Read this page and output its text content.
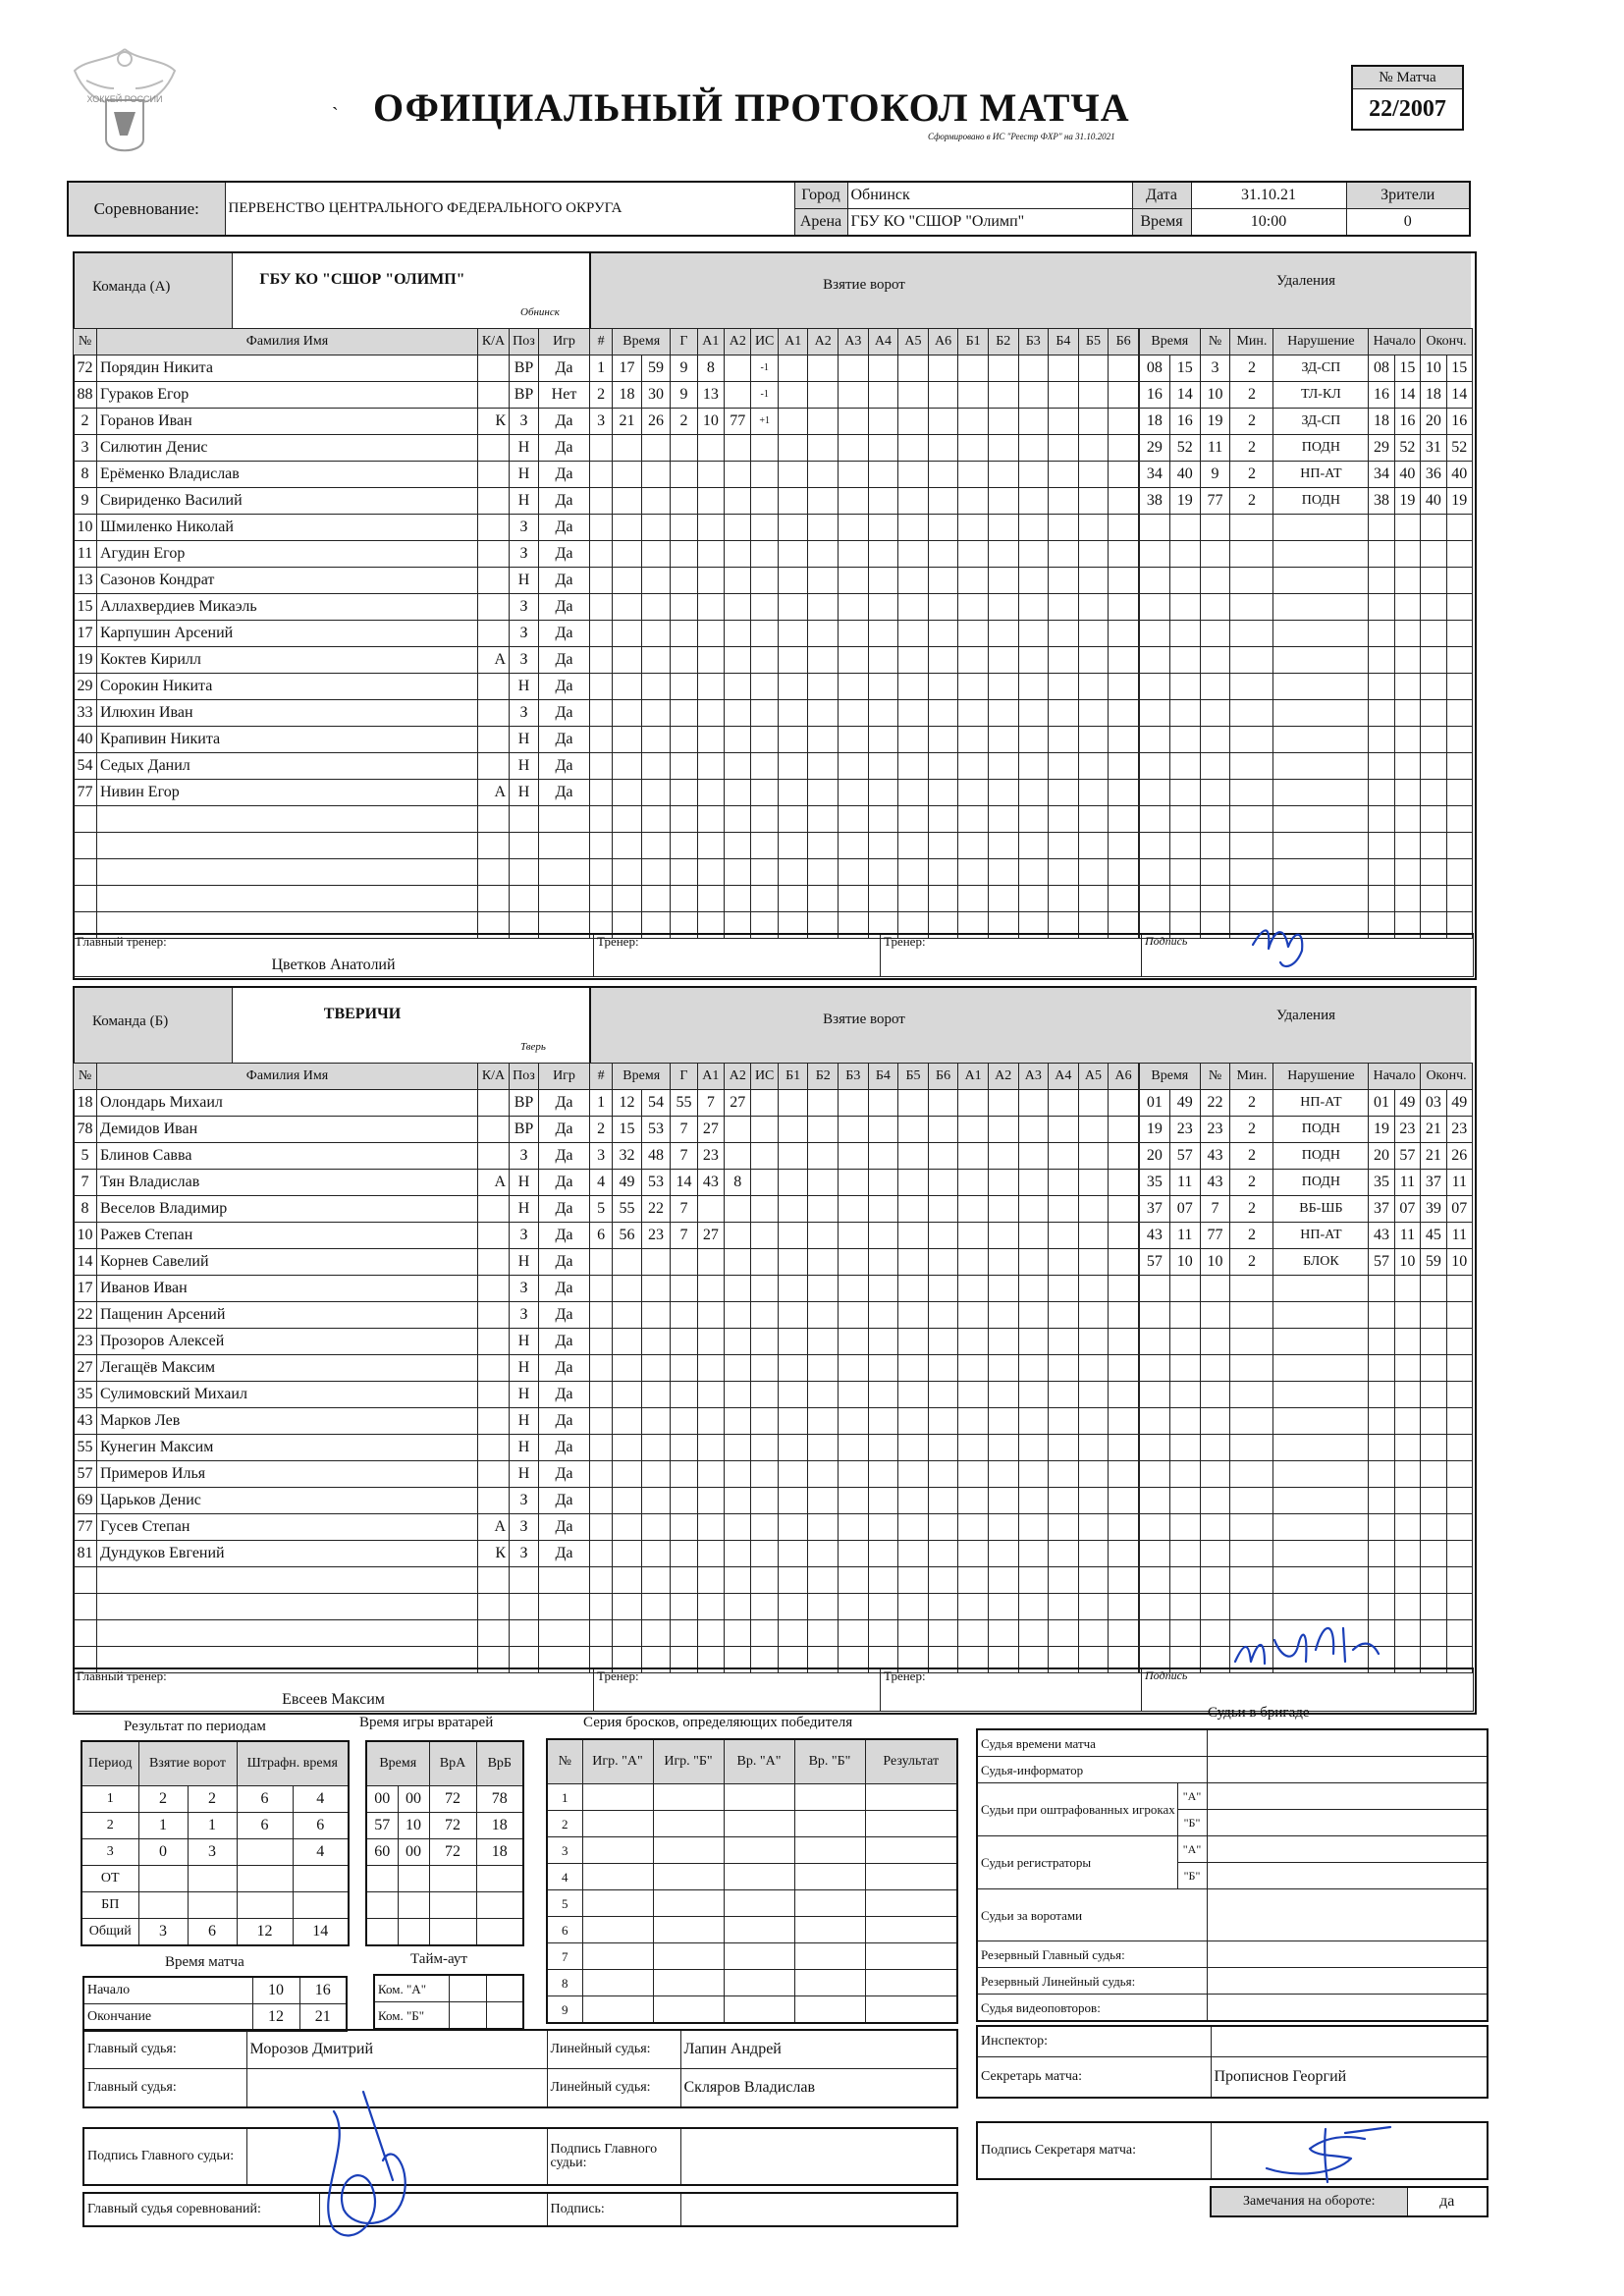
ХОККЕЙ РОССИИ	ОФИЦИАЛЬНЫЙ ПРОТОКОЛ МАТЧА
Сформировано в ИС "Реестр ФХР" на 31.10.2021
№ Матча
22/2007
Соревнование:	ПЕРВЕНСТВО ЦЕНТРАЛЬНОГО ФЕДЕРАЛЬНОГО ОКРУГА	Город	Обнинск	Дата	31.10.21	Зрители
		Арена	ГБУ КО "СШОР "Олимп"	Время	10:00	0
Команда (А)	ГБУ КО "СШОР "ОЛИМП"
Обнинск
Взятие ворот	Удаления
№	Фамилия Имя	К/А	Поз	Игр
72	Порядин Никита		ВР	Да
88	Гураков Егор		ВР	Нет
2	Горанов Иван	К	З	Да
3	Силютин Денис		Н	Да
8	Ерёменко Владислав		Н	Да
9	Свириденко Василий		Н	Да
10	Шмиленко Николай		З	Да
11	Агудин Егор		З	Да
13	Сазонов Кондрат		Н	Да
15	Аллахвердиев Микаэль		З	Да
17	Карпушин Арсений		З	Да
19	Коктев Кирилл	А	З	Да
29	Сорокин Никита		Н	Да
33	Илюхин Иван		З	Да
40	Крапивин Никита		Н	Да
54	Седых Данил		Н	Да
77	Нивин Егор	А	Н	Да

#	Время		Г	А1	А2	ИС	А1	А2	А3	А4	А5	А6	Б1	Б2	Б3	Б4	Б5	Б6
1	17	59	9	8		-1												
2	18	30	9	13		-1												
3	21	26	2	10	77	+1												

Время		№	Мин.	Нарушение	Начало		Оконч.	
08	15	3	2	ЗД-СП	08	15	10	15
16	14	10	2	ТЛ-КЛ	16	14	18	14
18	16	19	2	ЗД-СП	18	16	20	16
29	52	11	2	ПОДН	29	52	31	52
34	40	9	2	НП-АТ	34	40	36	40
38	19	77	2	ПОДН	38	19	40	19

Главный тренер:	Тренер:	Тренер:	Подпись
Цветков Анатолий
Команда (Б)	ТВЕРИЧИ
Тверь
Взятие ворот	Удаления
№	Фамилия Имя	К/А	Поз	Игр
18	Олондарь Михаил		ВР	Да
78	Демидов Иван		ВР	Да
5	Блинов Савва		З	Да
7	Тян Владислав	А	Н	Да
8	Веселов Владимир		Н	Да
10	Ражев Степан		З	Да
14	Корнев Савелий		Н	Да
17	Иванов Иван		З	Да
22	Пащенин Арсений		З	Да
23	Прозоров Алексей		Н	Да
27	Легащёв Максим		Н	Да
35	Сулимовский Михаил		Н	Да
43	Марков Лев		Н	Да
55	Кунегин Максим		Н	Да
57	Примеров Илья		Н	Да
69	Царьков Денис		З	Да
77	Гусев Степан	А	З	Да
81	Дундуков Евгений	К	З	Да

#	Время		Г	А1	А2	ИС	Б1	Б2	Б3	Б4	Б5	Б6	А1	А2	А3	А4	А5	А6
1	12	54	55	7	27													
2	15	53	7	27														
3	32	48	7	23														
4	49	53	14	43	8													
5	55	22	7															
6	56	23	7	27														

Время		№	Мин.	Нарушение	Начало		Оконч.	
01	49	22	2	НП-АТ	01	49	03	49
19	23	23	2	ПОДН	19	23	21	23
20	57	43	2	ПОДН	20	57	21	26
35	11	43	2	ПОДН	35	11	37	11
37	07	7	2	ВБ-ШБ	37	07	39	07
43	11	77	2	НП-АТ	43	11	45	11
57	10	10	2	БЛОК	57	10	59	10

Главный тренер:	Тренер:	Тренер:	Подпись
Евсеев Максим
Результат по периодам
Период	Взятие ворот		Штрафн. время	
1	2	2	6	4
2	1	1	6	6
3	0	3		4
ОТ				
БП				
Общий	3	6	12	14
Время матча
Начало	10	16
Окончание	12	21
Время игры вратарей
Время		ВрА	ВрБ
00	00	72	78
57	10	72	18
60	00	72	18

Тайм-аут
Ком. "А"		
Ком. "Б"		
Серия бросков, определяющих победителя
№	Игр. "А"	Игр. "Б"	Вр. "А"	Вр. "Б"	Результат
1					
2					
3					
4					
5					
6					
7					
8					
9					
Судьи в бригаде
Судья времени матча		
Судья-информатор		
Судьи при оштрафованных игроках	"А"	
	"Б"	
Судьи регистраторы	"А"	
	"Б"	
Судьи за воротами		
Резервный Главный судья:		
Резервный Линейный судья:		
Судья видеоповторов:		
Главный судья:	Морозов Дмитрий	Линейный судья:	Лапин Андрей
Главный судья:		Линейный судья:	Скляров Владислав
Подпись Главного судьи:		Подпись Главного судьи:	
Главный судья соревнований:		Подпись:	
Инспектор:	
Секретарь матча:	Прописнов Георгий
Подпись Секретаря матча:	
Замечания на обороте:	да
ˋ
